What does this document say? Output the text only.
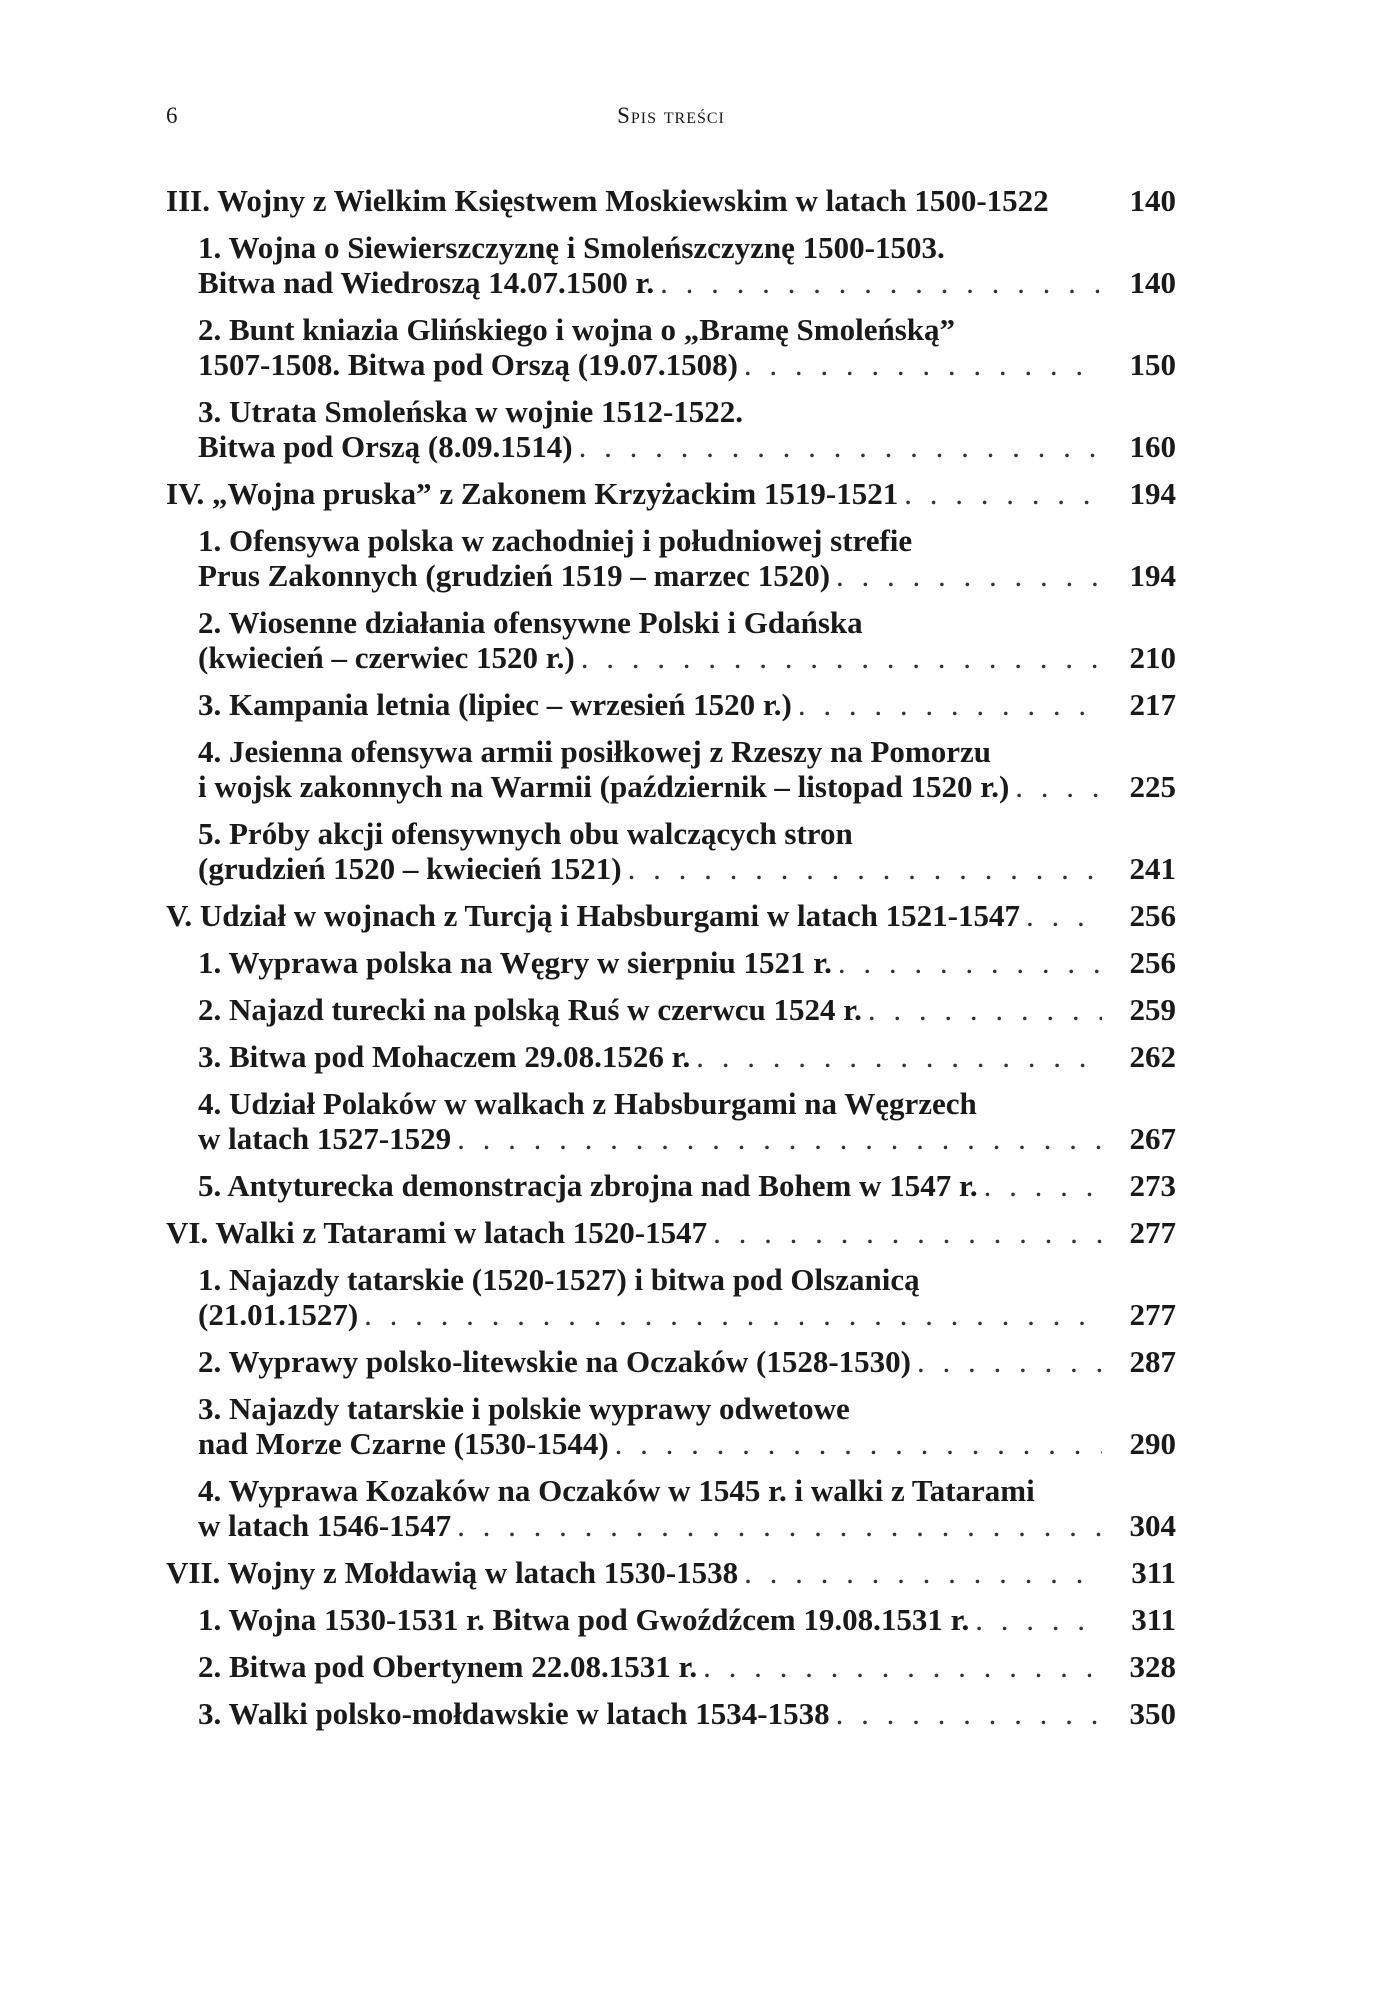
6	Spis treści
III. Wojny z Wielkim Księstwem Moskiewskim w latach 1500-1522	140
1. Wojna o Siewierszczyznę i Smoleńszczyznę 1500-1503.
Bitwa nad Wiedroszą 14.07.1500 r. . . .	140
2. Bunt kniazia Glińskiego i wojna o „Bramę Smoleńską”
1507-1508. Bitwa pod Orszą (19.07.1508) . . .	150
3. Utrata Smoleńska w wojnie 1512-1522.
Bitwa pod Orszą (8.09.1514) . . .	160
IV. „Wojna pruska” z Zakonem Krzyżackim 1519-1521 . . .	194
1. Ofensywa polska w zachodniej i południowej strefie
Prus Zakonnych (grudzień 1519 – marzec 1520) . . .	194
2. Wiosenne działania ofensywne Polski i Gdańska
(kwiecień – czerwiec 1520 r.) . . .	210
3. Kampania letnia (lipiec – wrzesień 1520 r.) . . .	217
4. Jesienna ofensywa armii posiłkowej z Rzeszy na Pomorzu
i wojsk zakonnych na Warmii (październik – listopad 1520 r.) . . .	225
5. Próby akcji ofensywnych obu walczących stron
(grudzień 1520 – kwiecień 1521) . . .	241
V. Udział w wojnach z Turcją i Habsburgami w latach 1521-1547 . . .	256
1. Wyprawa polska na Węgry w sierpniu 1521 r. . . .	256
2. Najazd turecki na polską Ruś w czerwcu 1524 r. . . .	259
3. Bitwa pod Mohaczem 29.08.1526 r. . . .	262
4. Udział Polaków w walkach z Habsburgami na Węgrzech
w latach 1527-1529 . . .	267
5. Antyturecka demonstracja zbrojna nad Bohem w 1547 r. . . .	273
VI. Walki z Tatarami w latach 1520-1547 . . .	277
1. Najazdy tatarskie (1520-1527) i bitwa pod Olszanicą
(21.01.1527) . . .	277
2. Wyprawy polsko-litewskie na Oczaków (1528-1530) . . .	287
3. Najazdy tatarskie i polskie wyprawy odwetowe
nad Morze Czarne (1530-1544) . . .	290
4. Wyprawa Kozaków na Oczaków w 1545 r. i walki z Tatarami
w latach 1546-1547 . . .	304
VII. Wojny z Mołdawią w latach 1530-1538 . . .	311
1. Wojna 1530-1531 r. Bitwa pod Gwoźdźcem 19.08.1531 r. . . .	311
2. Bitwa pod Obertynem 22.08.1531 r. . . .	328
3. Walki polsko-mołdawskie w latach 1534-1538 . . .	350
